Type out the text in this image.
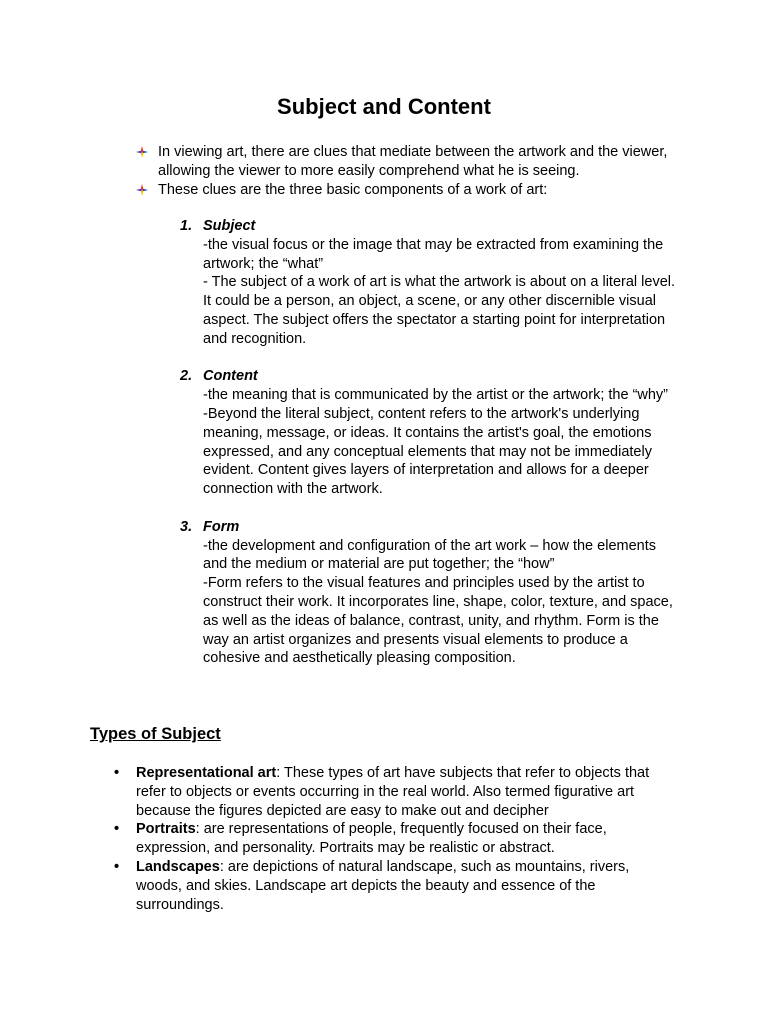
Subject and Content
In viewing art, there are clues that mediate between the artwork and the viewer, allowing the viewer to more easily comprehend what he is seeing.
These clues are the three basic components of a work of art:
1. Subject
-the visual focus or the image that may be extracted from examining the artwork; the “what”
- The subject of a work of art is what the artwork is about on a literal level. It could be a person, an object, a scene, or any other discernible visual aspect. The subject offers the spectator a starting point for interpretation and recognition.
2. Content
-the meaning that is communicated by the artist or the artwork; the “why”
-Beyond the literal subject, content refers to the artwork's underlying meaning, message, or ideas. It contains the artist's goal, the emotions expressed, and any conceptual elements that may not be immediately evident. Content gives layers of interpretation and allows for a deeper connection with the artwork.
3. Form
-the development and configuration of the art work – how the elements and the medium or material are put together; the “how”
-Form refers to the visual features and principles used by the artist to construct their work. It incorporates line, shape, color, texture, and space, as well as the ideas of balance, contrast, unity, and rhythm. Form is the way an artist organizes and presents visual elements to produce a cohesive and aesthetically pleasing composition.
Types of Subject
• Representational art: These types of art have subjects that refer to objects that refer to objects or events occurring in the real world. Also termed figurative art because the figures depicted are easy to make out and decipher
• Portraits: are representations of people, frequently focused on their face, expression, and personality. Portraits may be realistic or abstract.
• Landscapes: are depictions of natural landscape, such as mountains, rivers, woods, and skies. Landscape art depicts the beauty and essence of the surroundings.
